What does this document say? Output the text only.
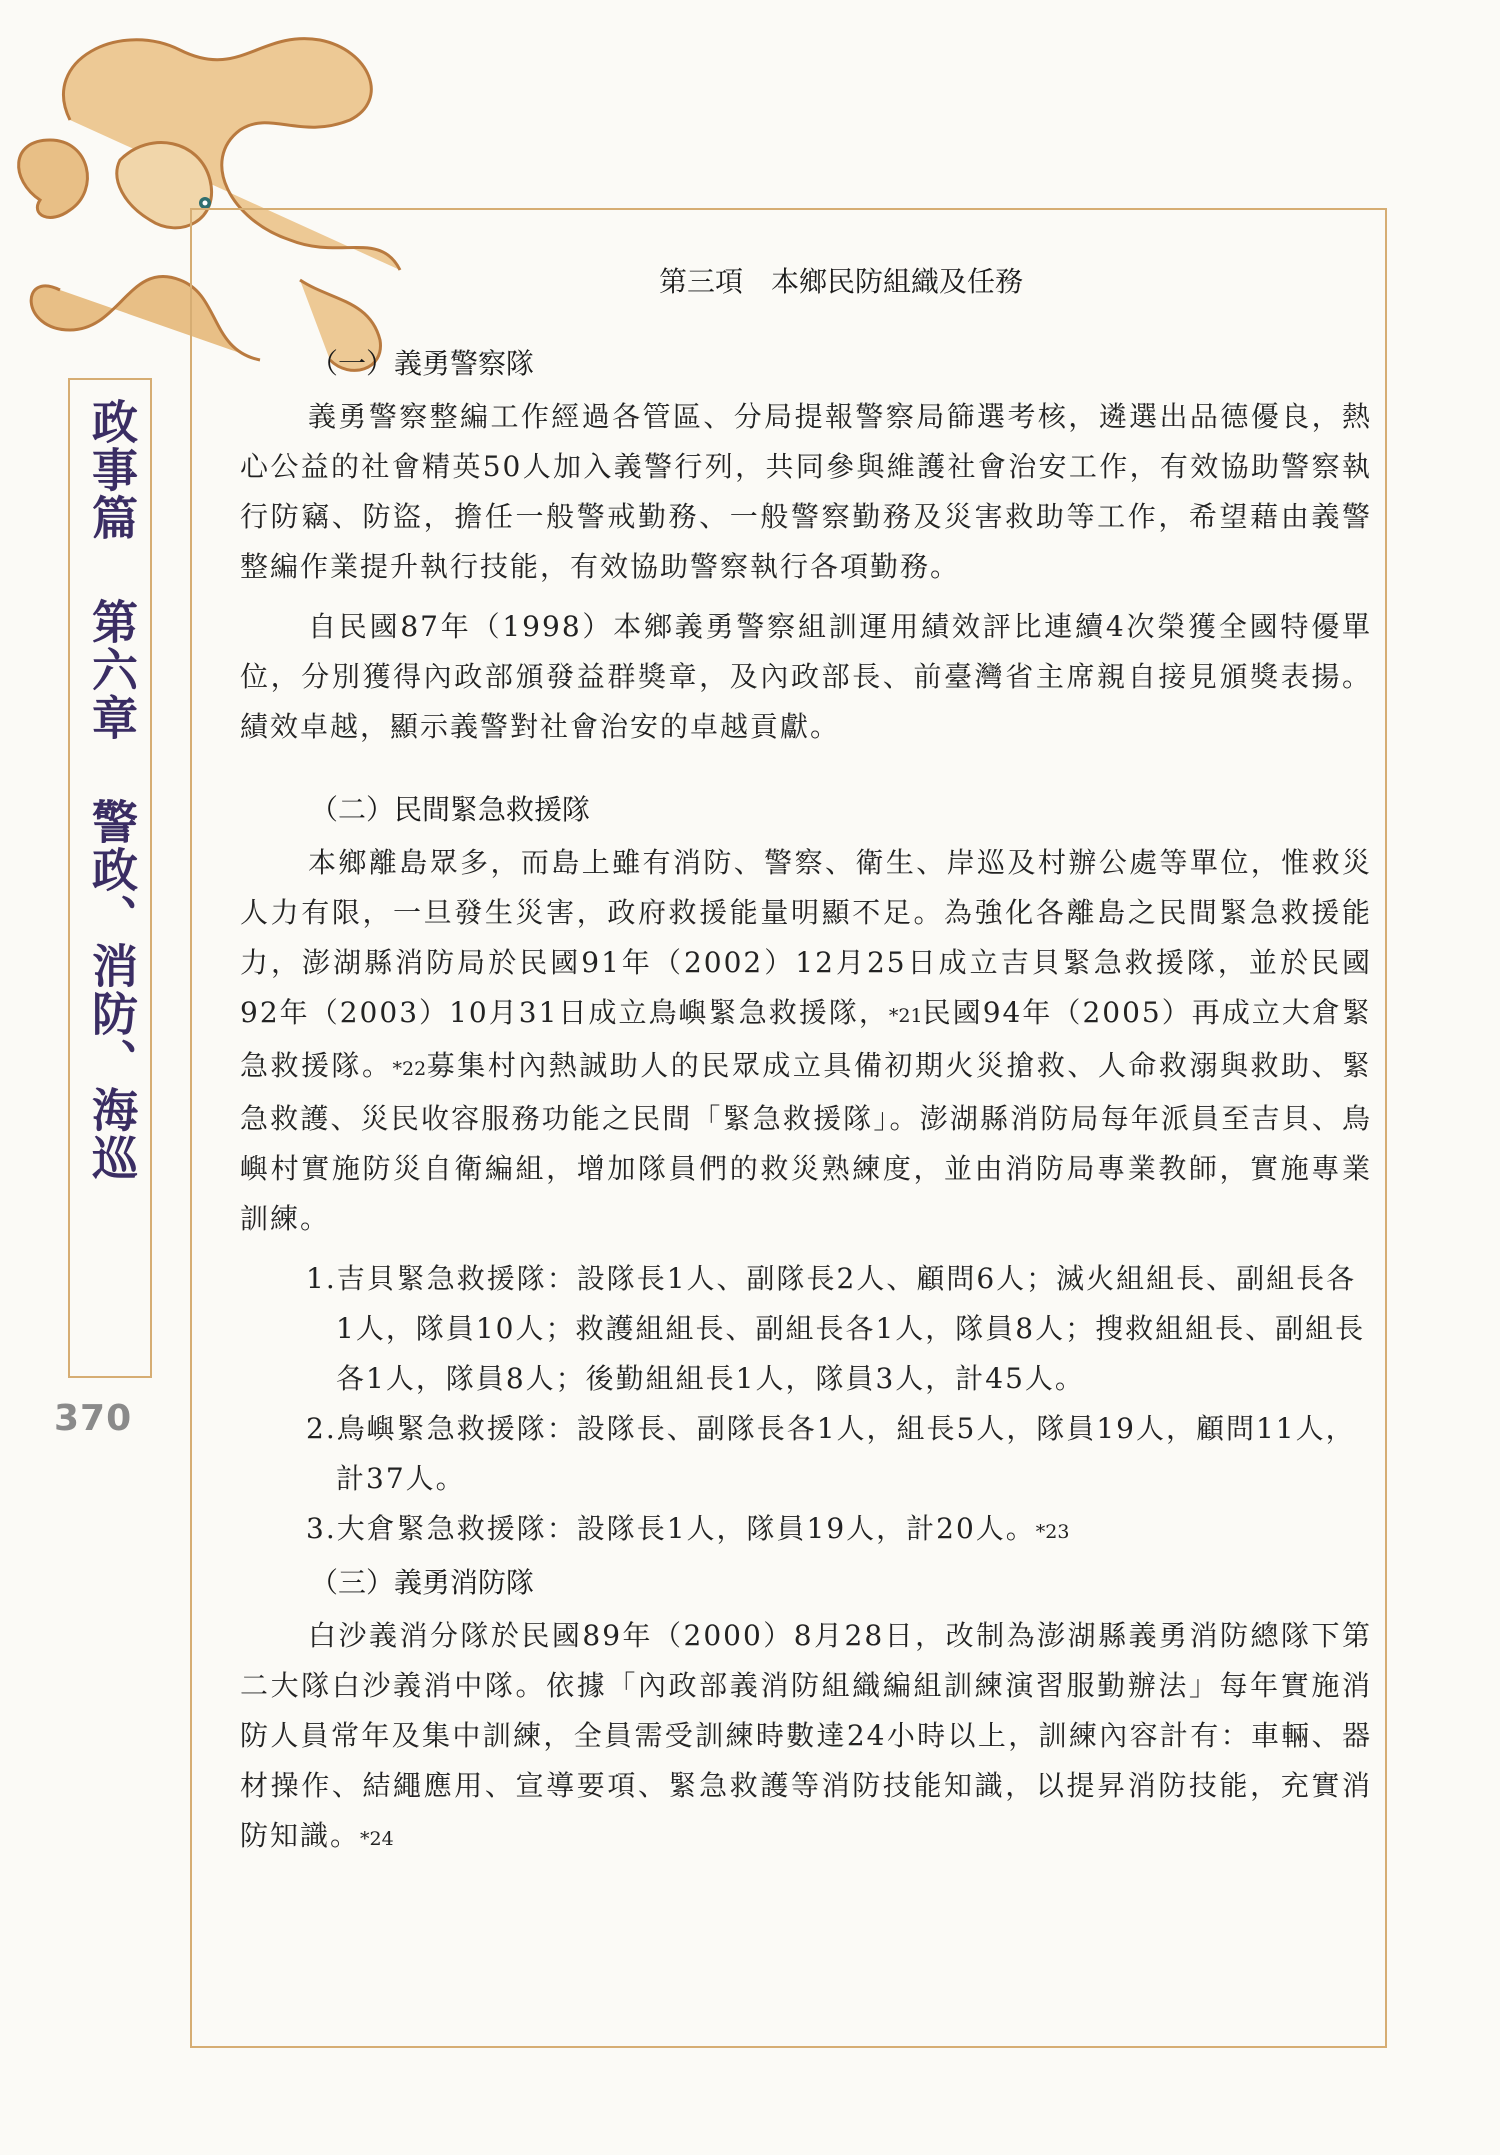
政事篇 第六章 警政、消防、海巡
370
第三項　本鄉民防組織及任務
（一）義勇警察隊

義勇警察整編工作經過各管區、分局提報警察局篩選考核，遴選出品德優良，熱心公益的社會精英50人加入義警行列，共同參與維護社會治安工作，有效協助警察執行防竊、防盜，擔任一般警戒勤務、一般警察勤務及災害救助等工作，希望藉由義警整編作業提升執行技能，有效協助警察執行各項勤務。

自民國87年（1998）本鄉義勇警察組訓運用績效評比連續4次榮獲全國特優單位，分別獲得內政部頒發益群獎章，及內政部長、前臺灣省主席親自接見頒獎表揚。績效卓越，顯示義警對社會治安的卓越貢獻。

（二）民間緊急救援隊

本鄉離島眾多，而島上雖有消防、警察、衛生、岸巡及村辦公處等單位，惟救災人力有限，一旦發生災害，政府救援能量明顯不足。為強化各離島之民間緊急救援能力，澎湖縣消防局於民國91年（2002）12月25日成立吉貝緊急救援隊，並於民國92年（2003）10月31日成立鳥嶼緊急救援隊，*21民國94年（2005）再成立大倉緊急救援隊。*22募集村內熱誠助人的民眾成立具備初期火災搶救、人命救溺與救助、緊急救護、災民收容服務功能之民間「緊急救援隊」。澎湖縣消防局每年派員至吉貝、鳥嶼村實施防災自衛編組，增加隊員們的救災熟練度，並由消防局專業教師，實施專業訓練。

1.吉貝緊急救援隊：設隊長1人、副隊長2人、顧問6人；滅火組組長、副組長各1人，隊員10人；救護組組長、副組長各1人，隊員8人；搜救組組長、副組長各1人，隊員8人；後勤組組長1人，隊員3人，計45人。
2.鳥嶼緊急救援隊：設隊長、副隊長各1人，組長5人，隊員19人，顧問11人，計37人。
3.大倉緊急救援隊：設隊長1人，隊員19人，計20人。*23
（三）義勇消防隊

白沙義消分隊於民國89年（2000）8月28日，改制為澎湖縣義勇消防總隊下第二大隊白沙義消中隊。依據「內政部義消防組織編組訓練演習服勤辦法」每年實施消防人員常年及集中訓練，全員需受訓練時數達24小時以上，訓練內容計有：車輛、器材操作、結繩應用、宣導要項、緊急救護等消防技能知識，以提昇消防技能，充實消防知識。*24
